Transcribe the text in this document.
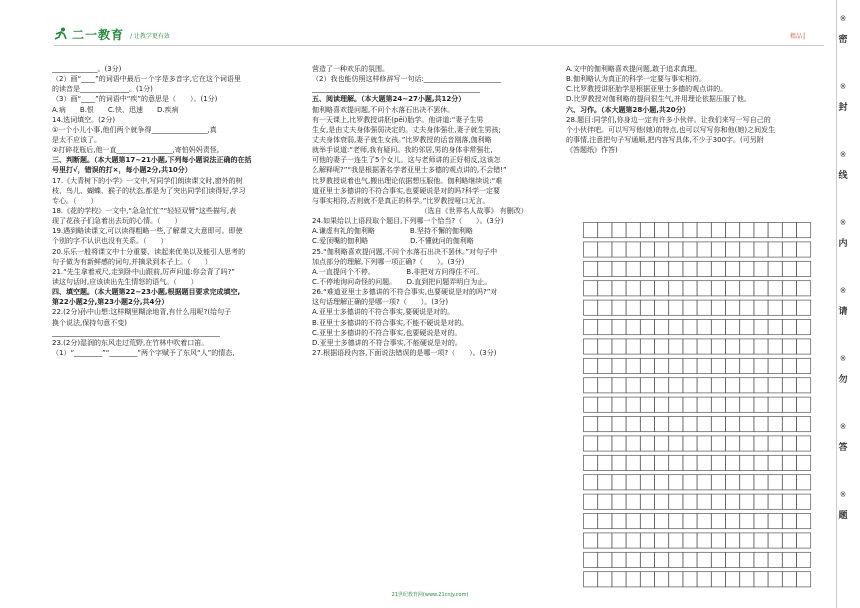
二一教育 / 让教学更有效	精品 ▏

_____________。(3分)

（2）画“____”的词语中最后一个字是多音字,它在这个词语里

的读音是______________。(1分)

（3）画“____”的词语中“疾”的意思是（　　）。(1分)

A.病　　B.恨　　C.快、迅速　　D.疾病

14.选词填空。(2分)

①一个小儿小事,他们两个就争得________________,真

是太不应该了。

②打碎花瓶后,他一直________________,寄怕妈妈责怪。

三、判断题。（本大题第17~21小题,下列每小题说法正确的在括

号里打√，错误的打×，每小题2分,共10分）

17.《大青树下的小学》一文中,写同学们朗读课文时,窗外的树

枝、鸟儿、蝴蝶、猴子的状态,都是为了突出同学们读得好,学习

专心。（　　）

18.《花的学校》一文中,“急急忙忙”“轻轻双臂”这些描写,表

现了花孩子们急着出去玩的心情。（　　）

19.遇到略读课文,可以读得粗略一些,了解课文大意即可。即使

个别的字不认识也没有关系。（　　）

20.乐乐一般将课文中十分重要、读起来优美以及能引人思考的

句子做为有新鲜感的词句,并摘录到本子上。（　　）

21.“先生拿着戒尺,走到卧中山跟前,厉声问道:你会背了吗?”

读这句话时,应该读出先生情怒的语气。（　　）

四、填空题。（本大题第22~23小题,根据题目要求完成填空,

第22小题2分,第23小题2分,共4分）

22.(2分)孙中山想:这样糊里糊涂地背,有什么用呢?(给句子

换个说法,保持句意不变)

________________________________________________

23.(2分)湿润的东风走过荒野,在竹林中吹着口笛。

（1）“________”“________”两个字赋予了东风“人”的情态,

营造了一种欢乐的氛围。

（2）我也能仿照这样修辞写一句话:______________________

________________________________________________

五、阅读理解。（本大题第24~27小题,共12分）

伽利略喜欢提问题,不问个水落石出决不罢休。

有一天课上,比罗教授讲胚(pēi)胎学。他讲道:“妻子生男

生女,是由丈夫身体强弱决定的。丈夫身体强壮,妻子就生男孩;

丈夫身体衰弱,妻子就生女孩。”比罗教授的话音刚落,伽利略

就举手说道:“老师,我有疑问。我的邻居,男的身体非常强壮,

可他的妻子一连生了5个女儿。这与老师讲的正好相反,这该怎

么解释呢?”“我是根据著名学者亚里士多德的观点讲的,不会错!”

比罗教授说着也气,搬出理论依据想压服他。伽利略继续说:“难

道亚里士多德讲的不符合事实,也要硬说是对的吗?科学一定要

与事实相符,否则就不是真正的科学。”比罗教授哑口无言。

　　　　　　　　　　　　　　　　（选自《世界名人故事》 有删改）

24.如果给以上语段取个题目,下列哪一个恰当?（　　）。(3分)

A.谦虚有礼的伽利略　　　　　B.坚持不懈的伽利略

C.爱顶嘴的伽利略　　　　　　D.不懂就问的伽利略

25.“伽利略喜欢提问题,不问个水落石出决不罢休。”对句子中

加点部分的理解,下列哪一项正确?（　　）。(3分)

A.一直提问个不停。　　　　　B.非把对方问得住不可。

C.不停地询问奇怪的问题。　　D.直到把问题弄明白为止。

26.“难道亚里士多德讲的不符合事实,也要硬说是对的吗?”对

这句话理解正确的是哪一项?（　　）。(3分)

A.亚里士多德讲的不符合事实,要硬说是对的。

B.亚里士多德讲的不符合事实,不能不硬说是对的。

C.亚里士多德讲的不符合事实,也要硬说是对的。

D.亚里士多德讲的不符合事实,不能硬说是对的。

27.根据语段内容,下面说法错误的是哪一项?（　　）。(3分)

A.文中的伽利略喜欢提问题,敢于追求真理。

B.伽利略认为真正的科学一定要与事实相符。

C.比罗教授讲胚胎学是根据亚里士多德的观点讲的。

D.比罗教授对伽利略的提问很生气,并用理论依据压服了他。

六、习作。（本大题第28小题,共20分）

28.题目:同学们,你身边一定有许多小伙伴。让我们来写一写自己的

个小伙伴吧。可以写写他(她)的特点,也可以写写你和他(她)之间发生

的事情,注意把句子写通顺,把内容写具体,不少于300字。(可另附

《答题纸》作答)

※
密
※
封
※
线
※
内
※
请
※
勿
※
答
※
题
21世纪教育网(www.21cnjy.com)
